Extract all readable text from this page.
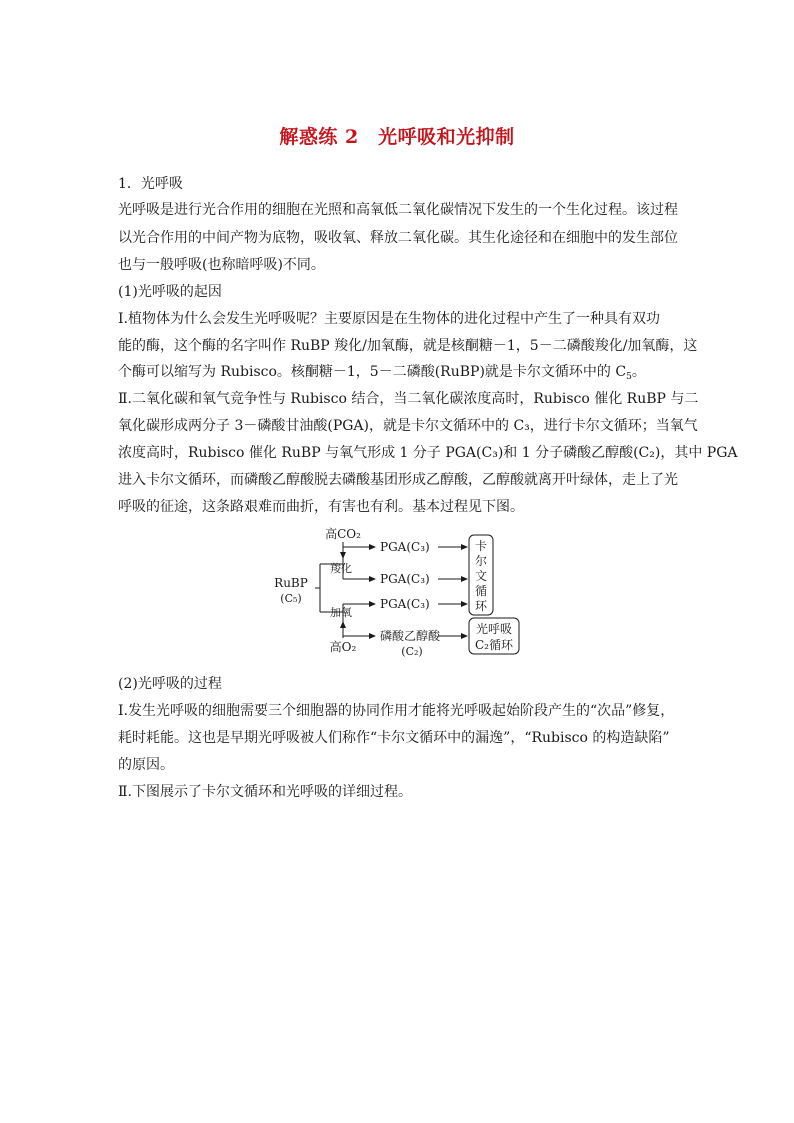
解惑练 2　光呼吸和光抑制
1．光呼吸
光呼吸是进行光合作用的细胞在光照和高氧低二氧化碳情况下发生的一个生化过程。该过程
以光合作用的中间产物为底物，吸收氧、释放二氧化碳。其生化途径和在细胞中的发生部位
也与一般呼吸(也称暗呼吸)不同。
(1)光呼吸的起因
Ⅰ.植物体为什么会发生光呼吸呢？主要原因是在生物体的进化过程中产生了一种具有双功
能的酶，这个酶的名字叫作 RuBP 羧化/加氧酶，就是核酮糖－1，5－二磷酸羧化/加氧酶，这
个酶可以缩写为 Rubisco。核酮糖－1，5－二磷酸(RuBP)就是卡尔文循环中的 $C_5$。
Ⅱ.二氧化碳和氧气竞争性与 Rubisco 结合，当二氧化碳浓度高时，Rubisco 催化 RuBP 与二
氧化碳形成两分子 3－磷酸甘油酸(PGA)，就是卡尔文循环中的 C₃，进行卡尔文循环；当氧气
浓度高时，Rubisco 催化 RuBP 与氧气形成 1 分子 PGA(C₃)和 1 分子磷酸乙醇酸(C₂)，其中 PGA
进入卡尔文循环，而磷酸乙醇酸脱去磷酸基团形成乙醇酸，乙醇酸就离开叶绿体，走上了光
呼吸的征途，这条路艰难而曲折，有害也有利。基本过程见下图。
RuBP
(C₅)
高CO₂
羧化
加氧
高O₂
PGA(C₃)
PGA(C₃)
PGA(C₃)
磷酸乙醇酸
(C₂)
卡
尔
文
循
环
光呼吸
C₂循环
(2)光呼吸的过程
Ⅰ.发生光呼吸的细胞需要三个细胞器的协同作用才能将光呼吸起始阶段产生的“次品”修复，
耗时耗能。这也是早期光呼吸被人们称作“卡尔文循环中的漏逸”，“Rubisco 的构造缺陷”
的原因。
Ⅱ.下图展示了卡尔文循环和光呼吸的详细过程。
